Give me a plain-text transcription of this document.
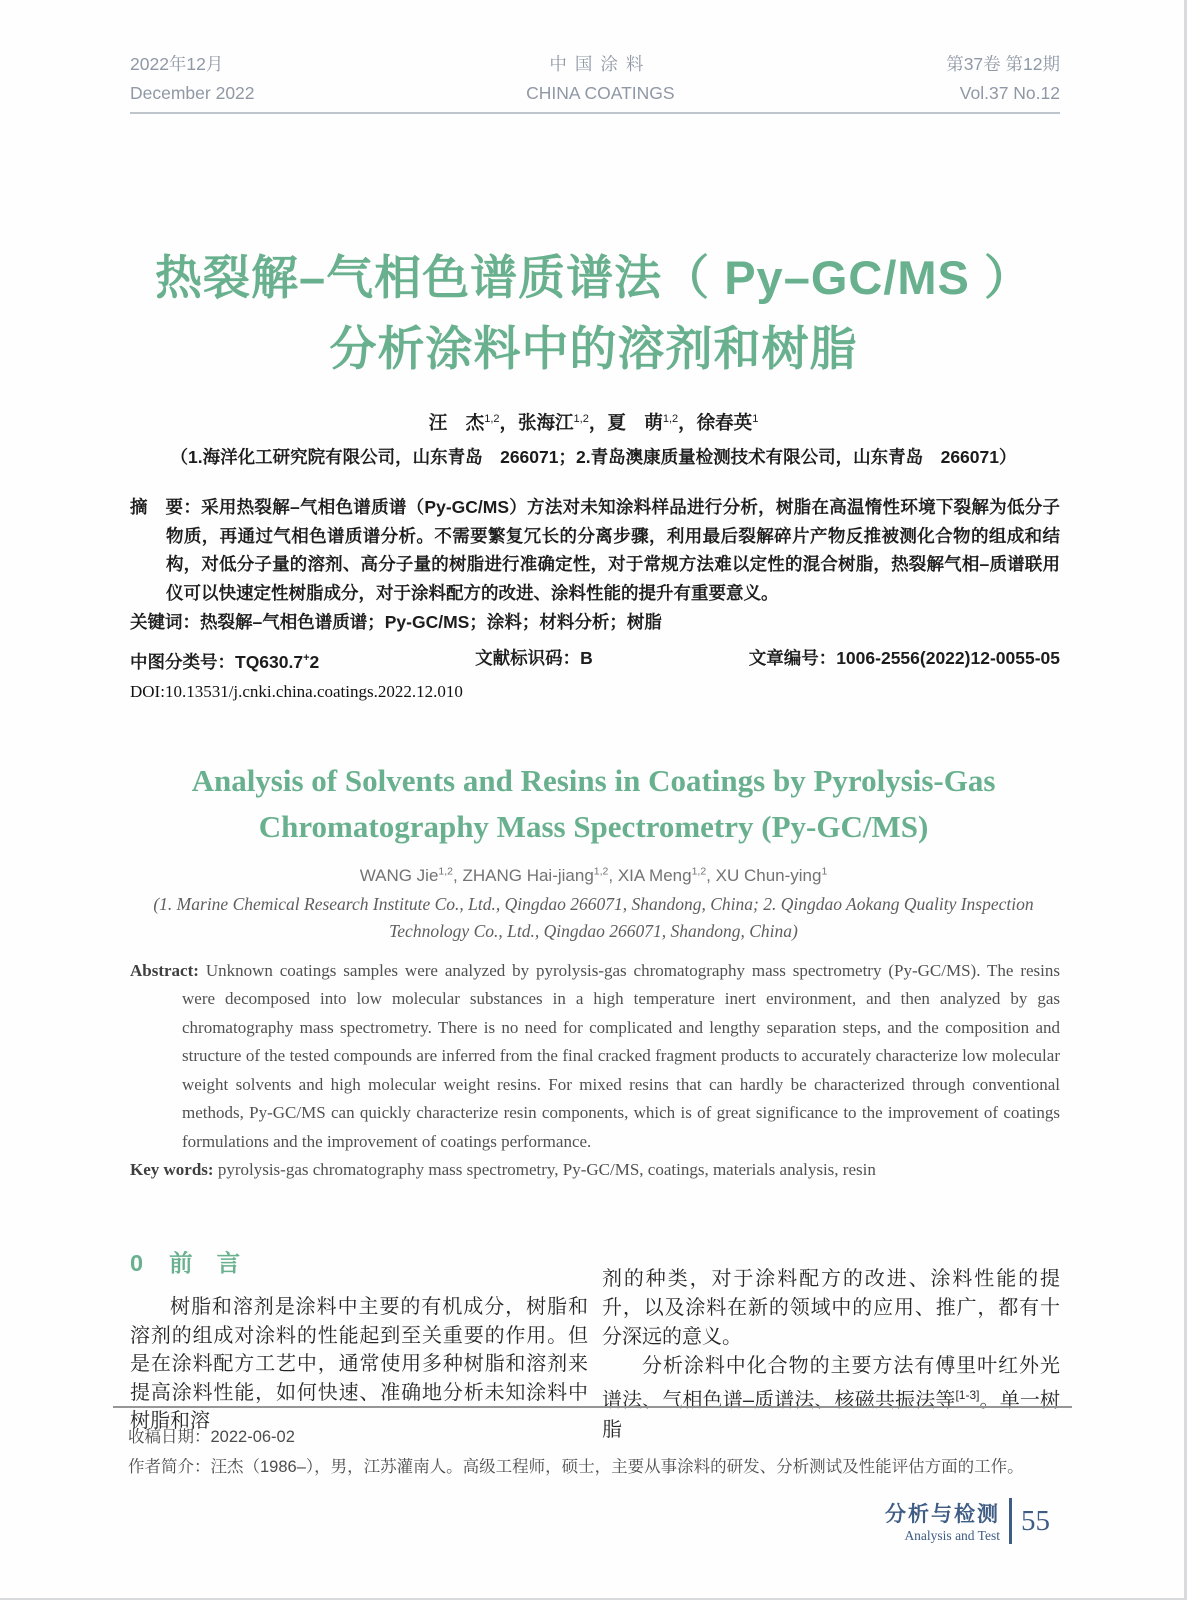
2022年12月
December 2022
中国涂料
CHINA COATINGS
第37卷 第12期
Vol.37 No.12
热裂解–气相色谱质谱法（ Py–GC/MS ）
分析涂料中的溶剂和树脂
汪　杰$^{1,2}$，张海江$^{1,2}$，夏　萌$^{1,2}$，徐春英$^1$
（1.海洋化工研究院有限公司，山东青岛　266071；2.青岛澳康质量检测技术有限公司，山东青岛　266071）

摘　要：采用热裂解–气相色谱质谱（Py-GC/MS）方法对未知涂料样品进行分析，树脂在高温惰性环境下裂解为低分子物质，再通过气相色谱质谱分析。不需要繁复冗长的分离步骤，利用最后裂解碎片产物反推被测化合物的组成和结构，对低分子量的溶剂、高分子量的树脂进行准确定性，对于常规方法难以定性的混合树脂，热裂解气相–质谱联用仪可以快速定性树脂成分，对于涂料配方的改进、涂料性能的提升有重要意义。

关键词：热裂解–气相色谱质谱；Py-GC/MS；涂料；材料分析；树脂

中图分类号：TQ630.7+2	文献标识码：B	文章编号：1006-2556(2022)12-0055-05
DOI:10.13531/j.cnki.china.coatings.2022.12.010
Analysis of Solvents and Resins in Coatings by Pyrolysis-Gas
Chromatography Mass Spectrometry (Py-GC/MS)
WANG Jie$^{1,2}$, ZHANG Hai-jiang$^{1,2}$, XIA Meng$^{1,2}$, XU Chun-ying$^1$
(1. Marine Chemical Research Institute Co., Ltd., Qingdao 266071, Shandong, China; 2. Qingdao Aokang Quality Inspection
Technology Co., Ltd., Qingdao 266071, Shandong, China)

Abstract: Unknown coatings samples were analyzed by pyrolysis-gas chromatography mass spectrometry (Py-GC/MS). The resins were decomposed into low molecular substances in a high temperature inert environment, and then analyzed by gas chromatography mass spectrometry. There is no need for complicated and lengthy separation steps, and the composition and structure of the tested compounds are inferred from the final cracked fragment products to accurately characterize low molecular weight solvents and high molecular weight resins. For mixed resins that can hardly be characterized through conventional methods, Py-GC/MS can quickly characterize resin components, which is of great significance to the improvement of coatings formulations and the improvement of coatings performance.

Key words: pyrolysis-gas chromatography mass spectrometry, Py-GC/MS, coatings, materials analysis, resin

0 前言

树脂和溶剂是涂料中主要的有机成分，树脂和溶剂的组成对涂料的性能起到至关重要的作用。但是在涂料配方工艺中，通常使用多种树脂和溶剂来提高涂料性能，如何快速、准确地分析未知涂料中树脂和溶

剂的种类，对于涂料配方的改进、涂料性能的提升，以及涂料在新的领域中的应用、推广，都有十分深远的意义。

分析涂料中化合物的主要方法有傅里叶红外光谱法、气相色谱–质谱法、核磁共振法等[1-3]。单一树脂

收稿日期：2022-06-02
作者简介：汪杰（1986–），男，江苏灌南人。高级工程师，硕士，主要从事涂料的研发、分析测试及性能评估方面的工作。
分析与检测
Analysis and Test 55
